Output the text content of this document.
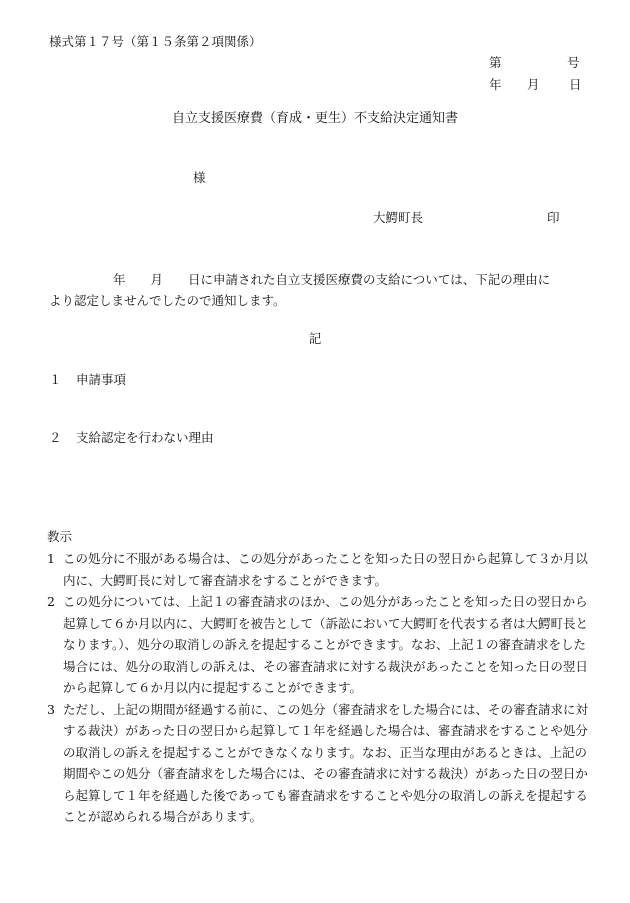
様式第１７号（第１５条第２項関係）
第	号
年 月 日
自立支援医療費（育成・更生）不支給決定通知書
様
大鰐町長	印
年　　月　　日に申請された自立支援医療費の支給については、下記の理由に
より認定しませんでしたので通知します。
記
１ 申請事項
２ 支給認定を行わない理由
教示
1 この処分に不服がある場合は、この処分があったことを知った日の翌日から起算して３か月以内に、大鰐町長に対して審査請求をすることができます。
2 この処分については、上記１の審査請求のほか、この処分があったことを知った日の翌日から起算して６か月以内に、大鰐町を被告として（訴訟において大鰐町を代表する者は大鰐町長となります。）、処分の取消しの訴えを提起することができます。なお、上記１の審査請求をした場合には、処分の取消しの訴えは、その審査請求に対する裁決があったことを知った日の翌日から起算して６か月以内に提起することができます。
3 ただし、上記の期間が経過する前に、この処分（審査請求をした場合には、その審査請求に対する裁決）があった日の翌日から起算して１年を経過した場合は、審査請求をすることや処分の取消しの訴えを提起することができなくなります。なお、正当な理由があるときは、上記の期間やこの処分（審査請求をした場合には、その審査請求に対する裁決）があった日の翌日から起算して１年を経過した後であっても審査請求をすることや処分の取消しの訴えを提起することが認められる場合があります。
